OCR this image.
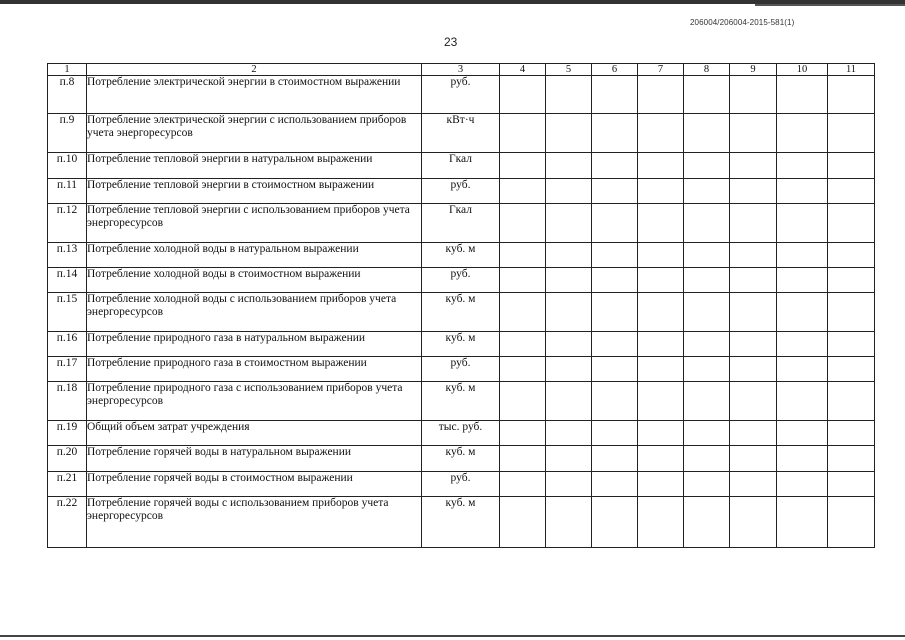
206004/206004-2015-581(1)
23
1	2	3	4	5	6	7	8	9	10	11
п.8	Потребление электрической энергии в стоимостном выражении	руб.								
п.9	Потребление электрической энергии с использованием приборов учета энергоресурсов	кВт·ч								
п.10	Потребление тепловой энергии в натуральном выражении	Гкал								
п.11	Потребление тепловой энергии в стоимостном выражении	руб.								
п.12	Потребление тепловой энергии с использованием приборов учета энергоресурсов	Гкал								
п.13	Потребление холодной воды в натуральном выражении	куб. м								
п.14	Потребление холодной воды в стоимостном выражении	руб.								
п.15	Потребление холодной воды с использованием приборов учета энергоресурсов	куб. м								
п.16	Потребление природного газа в натуральном выражении	куб. м								
п.17	Потребление природного газа в стоимостном выражении	руб.								
п.18	Потребление природного газа с использованием приборов учета энергоресурсов	куб. м								
п.19	Общий объем затрат учреждения	тыс. руб.								
п.20	Потребление горячей воды в натуральном выражении	куб. м								
п.21	Потребление горячей воды в стоимостном выражении	руб.								
п.22	Потребление горячей воды с использованием приборов учета энергоресурсов	куб. м								
